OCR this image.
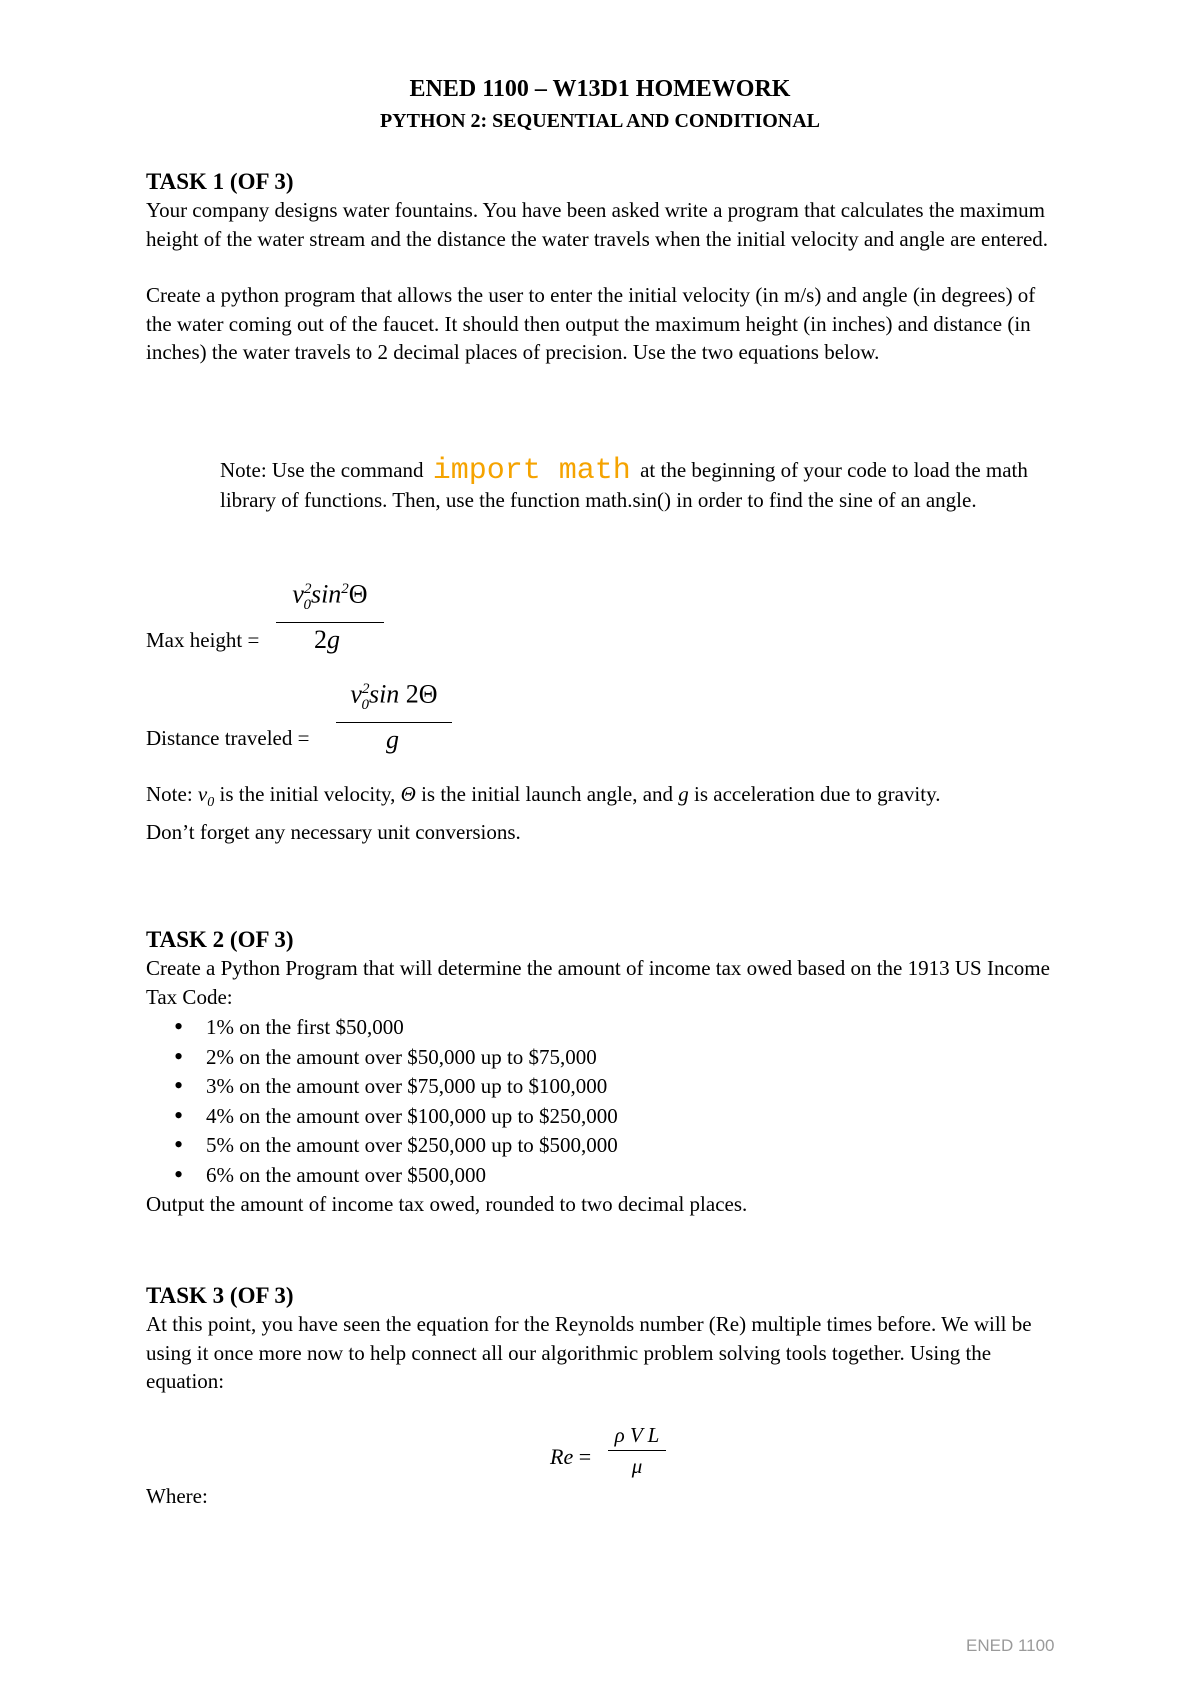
ENED 1100 – W13D1 HOMEWORK
PYTHON 2: SEQUENTIAL AND CONDITIONAL
TASK 1 (OF 3)

Your company designs water fountains. You have been asked write a program that calculates the maximum height of the water stream and the distance the water travels when the initial velocity and angle are entered.

Create a python program that allows the user to enter the initial velocity (in m/s) and angle (in degrees) of the water coming out of the faucet. It should then output the maximum height (in inches) and distance (in inches) the water travels to 2 decimal places of precision. Use the two equations below.

Note: Use the command import math at the beginning of your code to load the math library of functions. Then, use the function math.sin() in order to find the sine of an angle.
$v^2_0\sin^2\Theta$
2g
Max height =
$v^2_0\sin$ 2Θ
g
Distance traveled =

Note: $v_0$ is the initial velocity, Θ is the initial launch angle, and g is acceleration due to gravity.

Don’t forget any necessary unit conversions.

TASK 2 (OF 3)

Create a Python Program that will determine the amount of income tax owed based on the 1913 US Income Tax Code:

• 1% on the first $50,000
• 2% on the amount over $50,000 up to $75,000
• 3% on the amount over $75,000 up to $100,000
• 4% on the amount over $100,000 up to $250,000
• 5% on the amount over $250,000 up to $500,000
• 6% on the amount over $500,000

Output the amount of income tax owed, rounded to two decimal places.

TASK 3 (OF 3)

At this point, you have seen the equation for the Reynolds number (Re) multiple times before. We will be using it once more now to help connect all our algorithmic problem solving tools together. Using the equation:

Re =
ρ V L
μ

Where:

ENED 1100
